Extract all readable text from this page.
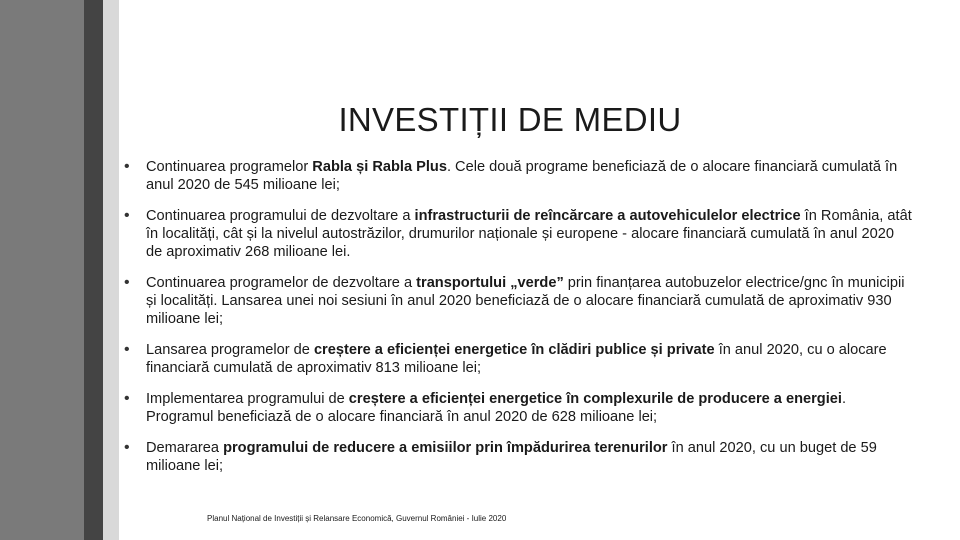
INVESTIȚII DE MEDIU
• Continuarea programelor Rabla și Rabla Plus. Cele două programe beneficiază de o alocare financiară cumulată în anul 2020 de 545 milioane lei;
• Continuarea programului de dezvoltare a infrastructurii de reîncărcare a autovehiculelor electrice în România, atât în localități, cât și la nivelul autostrăzilor, drumurilor naționale și europene - alocare financiară cumulată în anul 2020 de aproximativ 268 milioane lei.
• Continuarea programelor de dezvoltare a transportului „verde” prin finanțarea autobuzelor electrice/gnc în municipii și localități. Lansarea unei noi sesiuni în anul 2020 beneficiază de o alocare financiară cumulată de aproximativ 930 milioane lei;
• Lansarea programelor de creștere a eficienței energetice în clădiri publice și private în anul 2020, cu o alocare financiară cumulată de aproximativ 813 milioane lei;
• Implementarea programului de creștere a eficienței energetice în complexurile de producere a energiei. Programul beneficiază de o alocare financiară în anul 2020 de 628 milioane lei;
• Demararea programului de reducere a emisiilor prin împădurirea terenurilor în anul 2020, cu un buget de 59 milioane lei;
Planul Național de Investiții și Relansare Economică, Guvernul României - Iulie 2020
